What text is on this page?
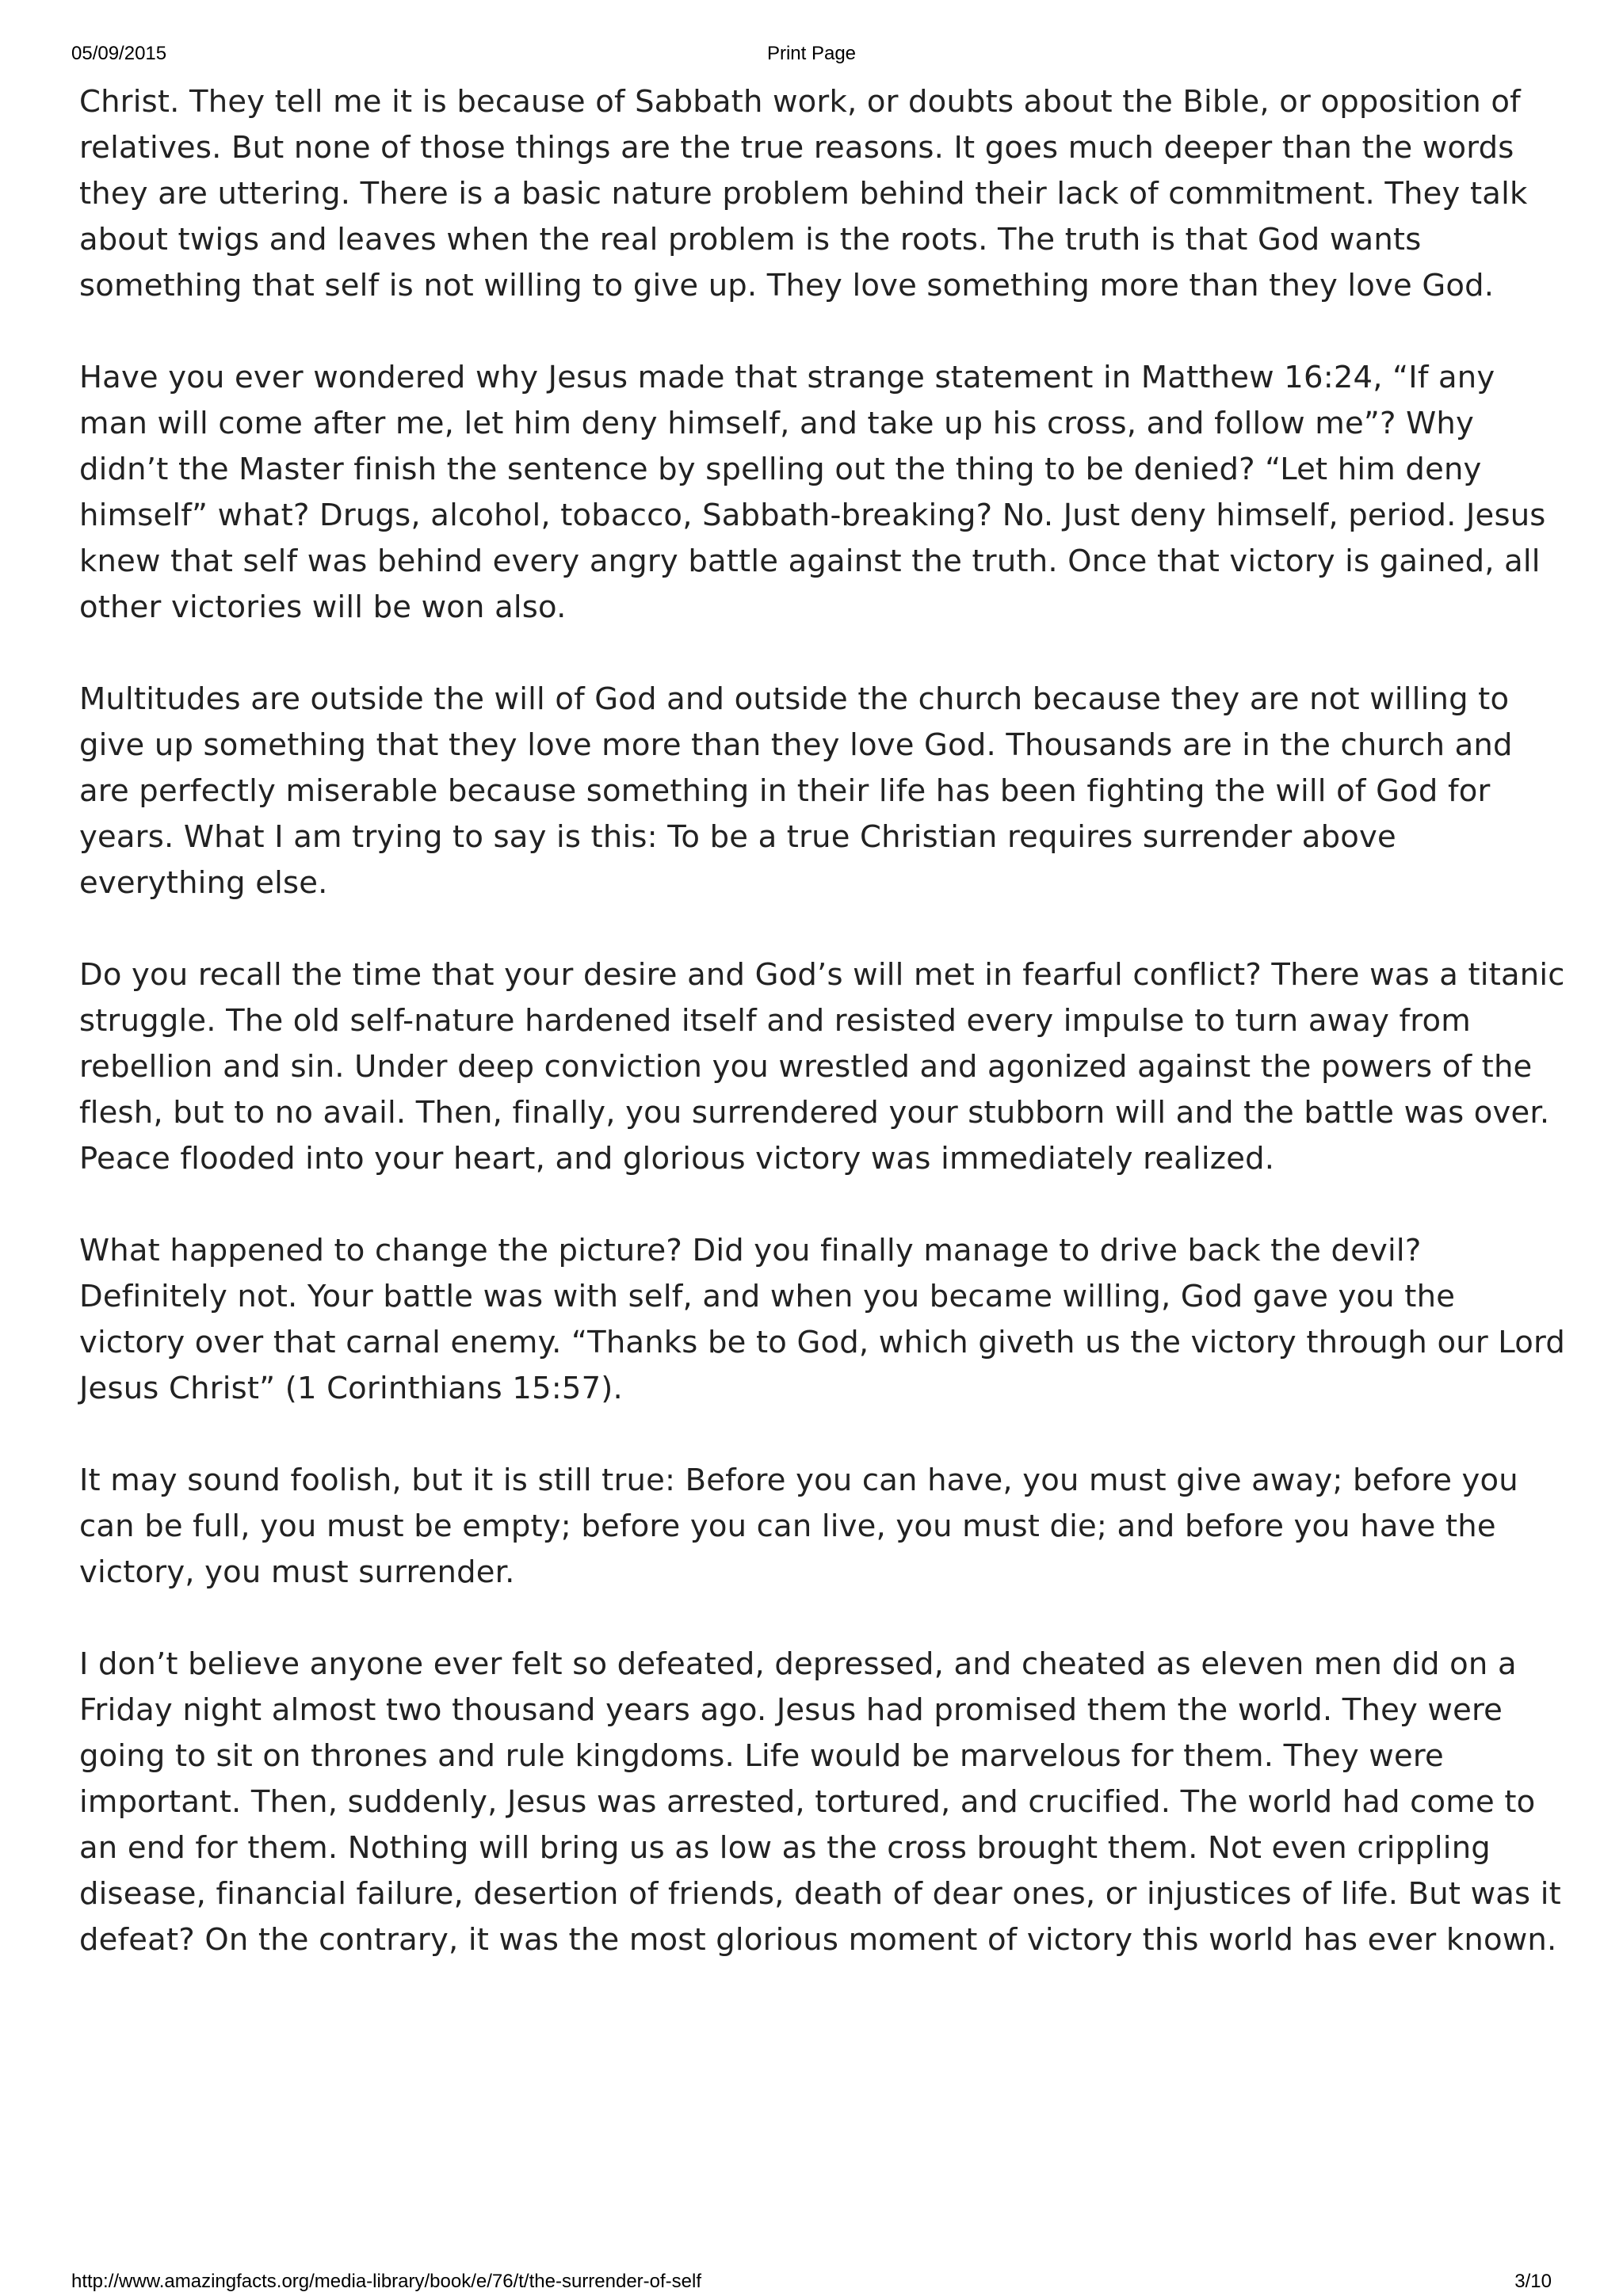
05/09/2015	Print Page

Christ. They tell me it is because of Sabbath work, or doubts about the Bible, or opposition of relatives. But none of those things are the true reasons. It goes much deeper than the words they are uttering. There is a basic nature problem behind their lack of commitment. They talk about twigs and leaves when the real problem is the roots. The truth is that God wants something that self is not willing to give up. They love something more than they love God.

Have you ever wondered why Jesus made that strange statement in Matthew 16:24, “If any man will come after me, let him deny himself, and take up his cross, and follow me”? Why didn’t the Master finish the sentence by spelling out the thing to be denied? “Let him deny himself” what? Drugs, alcohol, tobacco, Sabbath-breaking? No. Just deny himself, period. Jesus knew that self was behind every angry battle against the truth. Once that victory is gained, all other victories will be won also.

Multitudes are outside the will of God and outside the church because they are not willing to give up something that they love more than they love God. Thousands are in the church and are perfectly miserable because something in their life has been fighting the will of God for years. What I am trying to say is this: To be a true Christian requires surrender above everything else.

Do you recall the time that your desire and God’s will met in fearful conflict? There was a titanic struggle. The old self-nature hardened itself and resisted every impulse to turn away from rebellion and sin. Under deep conviction you wrestled and agonized against the powers of the flesh, but to no avail. Then, finally, you surrendered your stubborn will and the battle was over. Peace flooded into your heart, and glorious victory was immediately realized.

What happened to change the picture? Did you finally manage to drive back the devil? Definitely not. Your battle was with self, and when you became willing, God gave you the victory over that carnal enemy. “Thanks be to God, which giveth us the victory through our Lord Jesus Christ” (1 Corinthians 15:57).

It may sound foolish, but it is still true: Before you can have, you must give away; before you can be full, you must be empty; before you can live, you must die; and before you have the victory, you must surrender.

I don’t believe anyone ever felt so defeated, depressed, and cheated as eleven men did on a Friday night almost two thousand years ago. Jesus had promised them the world. They were going to sit on thrones and rule kingdoms. Life would be marvelous for them. They were important. Then, suddenly, Jesus was arrested, tortured, and crucified. The world had come to an end for them. Nothing will bring us as low as the cross brought them. Not even crippling disease, financial failure, desertion of friends, death of dear ones, or injustices of life. But was it defeat? On the contrary, it was the most glorious moment of victory this world has ever known.

http://www.amazingfacts.org/media-library/book/e/76/t/the-surrender-of-self	3/10
